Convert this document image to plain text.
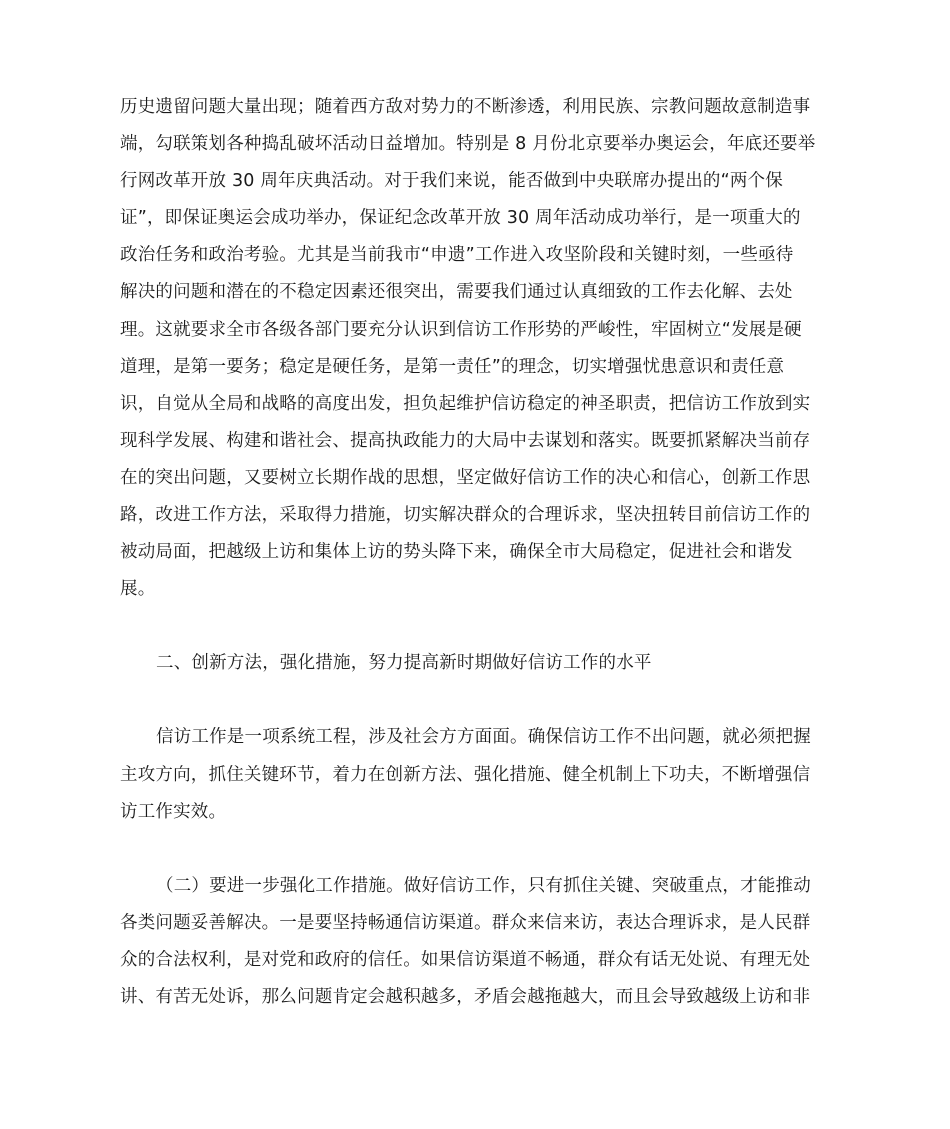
历史遗留问题大量出现；随着西方敌对势力的不断渗透，利用民族、宗教问题故意制造事
端，勾联策划各种捣乱破坏活动日益增加。特别是 8 月份北京要举办奥运会，年底还要举
行网改革开放 30 周年庆典活动。对于我们来说，能否做到中央联席办提出的“两个保
证”，即保证奥运会成功举办，保证纪念改革开放 30 周年活动成功举行，是一项重大的
政治任务和政治考验。尤其是当前我市“申遗”工作进入攻坚阶段和关键时刻，一些亟待
解决的问题和潜在的不稳定因素还很突出，需要我们通过认真细致的工作去化解、去处
理。这就要求全市各级各部门要充分认识到信访工作形势的严峻性，牢固树立“发展是硬
道理，是第一要务；稳定是硬任务，是第一责任”的理念，切实增强忧患意识和责任意
识，自觉从全局和战略的高度出发，担负起维护信访稳定的神圣职责，把信访工作放到实
现科学发展、构建和谐社会、提高执政能力的大局中去谋划和落实。既要抓紧解决当前存
在的突出问题，又要树立长期作战的思想，坚定做好信访工作的决心和信心，创新工作思
路，改进工作方法，采取得力措施，切实解决群众的合理诉求，坚决扭转目前信访工作的
被动局面，把越级上访和集体上访的势头降下来，确保全市大局稳定，促进社会和谐发
展。
二、创新方法，强化措施，努力提高新时期做好信访工作的水平
信访工作是一项系统工程，涉及社会方方面面。确保信访工作不出问题，就必须把握
主攻方向，抓住关键环节，着力在创新方法、强化措施、健全机制上下功夫，不断增强信
访工作实效。
（二）要进一步强化工作措施。做好信访工作，只有抓住关键、突破重点，才能推动
各类问题妥善解决。一是要坚持畅通信访渠道。群众来信来访，表达合理诉求，是人民群
众的合法权利，是对党和政府的信任。如果信访渠道不畅通，群众有话无处说、有理无处
讲、有苦无处诉，那么问题肯定会越积越多，矛盾会越拖越大，而且会导致越级上访和非
